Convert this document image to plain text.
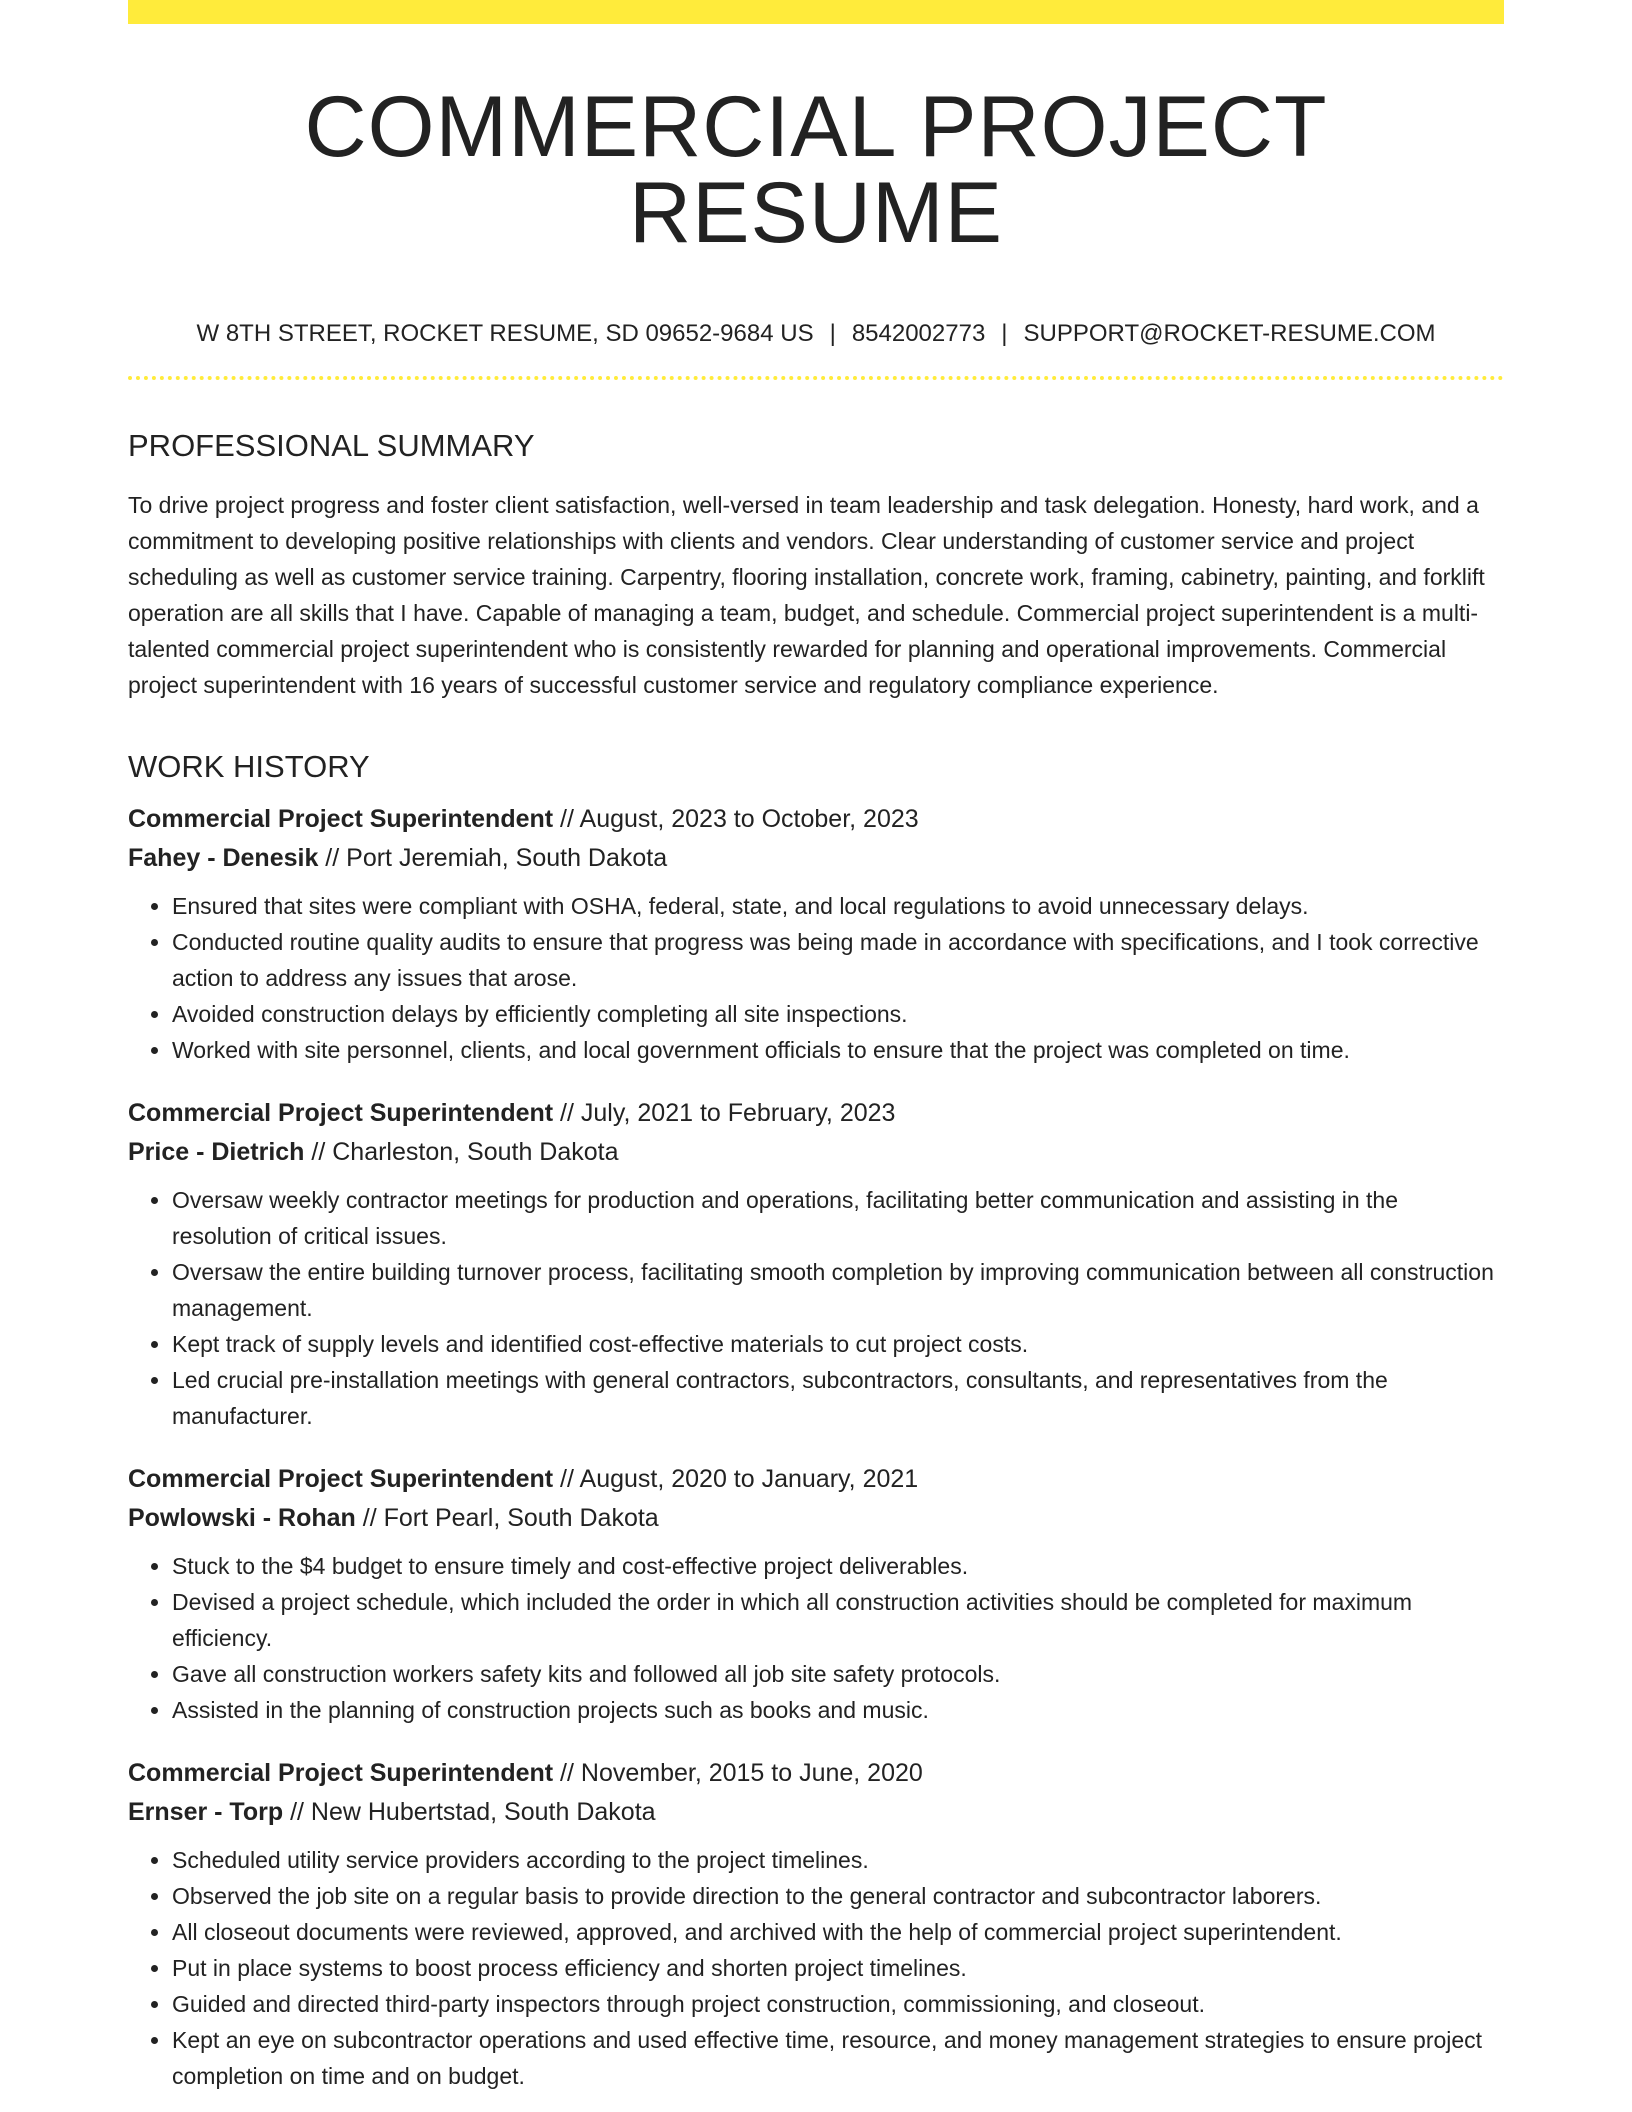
COMMERCIAL PROJECT RESUME
W 8TH STREET, ROCKET RESUME, SD 09652-9684 US | 8542002773 | SUPPORT@ROCKET-RESUME.COM
PROFESSIONAL SUMMARY

To drive project progress and foster client satisfaction, well-versed in team leadership and task delegation. Honesty, hard work, and a commitment to developing positive relationships with clients and vendors. Clear understanding of customer service and project scheduling as well as customer service training. Carpentry, flooring installation, concrete work, framing, cabinetry, painting, and forklift operation are all skills that I have. Capable of managing a team, budget, and schedule. Commercial project superintendent is a multi-talented commercial project superintendent who is consistently rewarded for planning and operational improvements. Commercial project superintendent with 16 years of successful customer service and regulatory compliance experience.

WORK HISTORY
Commercial Project Superintendent // August, 2023 to October, 2023
Fahey - Denesik // Port Jeremiah, South Dakota
• Ensured that sites were compliant with OSHA, federal, state, and local regulations to avoid unnecessary delays.
• Conducted routine quality audits to ensure that progress was being made in accordance with specifications, and I took corrective action to address any issues that arose.
• Avoided construction delays by efficiently completing all site inspections.
• Worked with site personnel, clients, and local government officials to ensure that the project was completed on time.
Commercial Project Superintendent // July, 2021 to February, 2023
Price - Dietrich // Charleston, South Dakota
• Oversaw weekly contractor meetings for production and operations, facilitating better communication and assisting in the resolution of critical issues.
• Oversaw the entire building turnover process, facilitating smooth completion by improving communication between all construction management.
• Kept track of supply levels and identified cost-effective materials to cut project costs.
• Led crucial pre-installation meetings with general contractors, subcontractors, consultants, and representatives from the manufacturer.
Commercial Project Superintendent // August, 2020 to January, 2021
Powlowski - Rohan // Fort Pearl, South Dakota
• Stuck to the $4 budget to ensure timely and cost-effective project deliverables.
• Devised a project schedule, which included the order in which all construction activities should be completed for maximum efficiency.
• Gave all construction workers safety kits and followed all job site safety protocols.
• Assisted in the planning of construction projects such as books and music.
Commercial Project Superintendent // November, 2015 to June, 2020
Ernser - Torp // New Hubertstad, South Dakota
• Scheduled utility service providers according to the project timelines.
• Observed the job site on a regular basis to provide direction to the general contractor and subcontractor laborers.
• All closeout documents were reviewed, approved, and archived with the help of commercial project superintendent.
• Put in place systems to boost process efficiency and shorten project timelines.
• Guided and directed third-party inspectors through project construction, commissioning, and closeout.
• Kept an eye on subcontractor operations and used effective time, resource, and money management strategies to ensure project completion on time and on budget.
